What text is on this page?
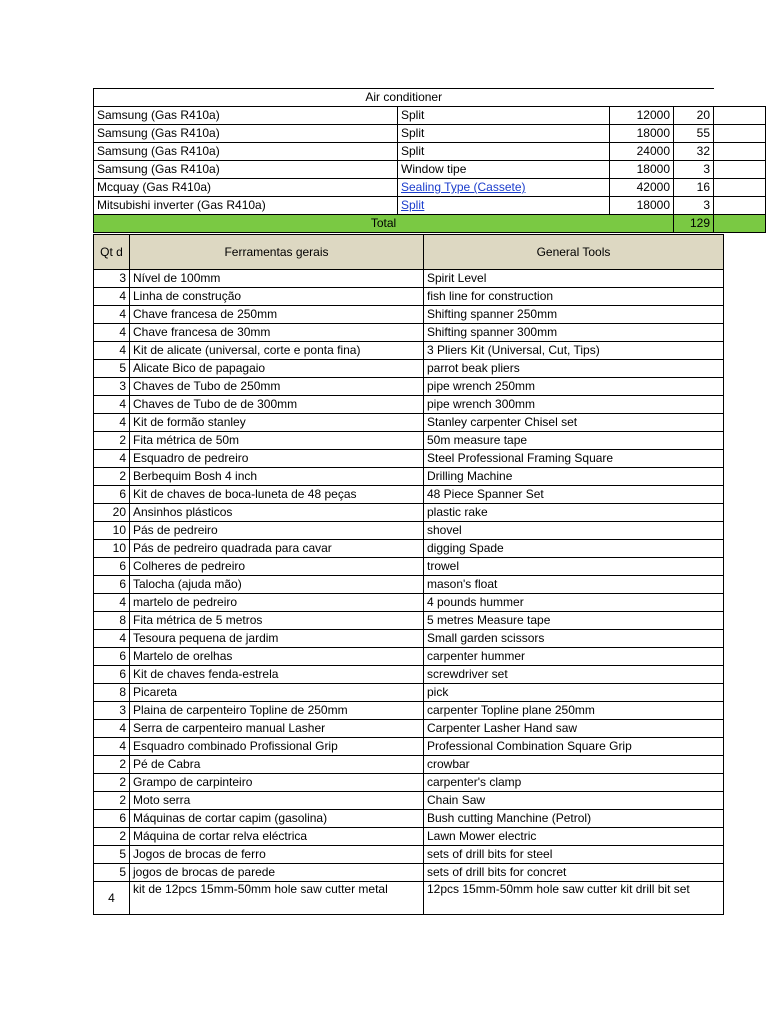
Air conditioner				
Samsung (Gas R410a)	Split	12000	20	
Samsung (Gas R410a)	Split	18000	55	
Samsung (Gas R410a)	Split	24000	32	
Samsung (Gas R410a)	Window tipe	18000	3	
Mcquay (Gas R410a)	Sealing Type (Cassete)	42000	16	
Mitsubishi inverter (Gas R410a)	Split	18000	3	
Total			129	
Qt d	Ferramentas gerais	General Tools
3	Nível de 100mm	Spirit Level
4	Linha de construção	fish line for construction
4	Chave francesa de 250mm	Shifting spanner 250mm
4	Chave francesa de 30mm	Shifting spanner 300mm
4	Kit de alicate (universal, corte e ponta fina)	3 Pliers Kit (Universal, Cut, Tips)
5	Alicate Bico de papagaio	parrot beak pliers
3	Chaves de Tubo de 250mm	pipe wrench 250mm
4	Chaves de Tubo de de 300mm	pipe wrench 300mm
4	Kit de formão stanley	Stanley carpenter Chisel set
2	Fita métrica de 50m	50m measure tape
4	Esquadro de pedreiro	Steel Professional Framing Square
2	Berbequim Bosh 4 inch	Drilling Machine
6	Kit de chaves de boca-luneta de 48 peças	48 Piece Spanner Set
20	Ansinhos plásticos	plastic rake
10	Pás de pedreiro	shovel
10	Pás de pedreiro quadrada para cavar	digging Spade
6	Colheres de pedreiro	trowel
6	Talocha (ajuda mão)	mason's float
4	martelo de pedreiro	4 pounds hummer
8	Fita métrica de 5 metros	5 metres Measure tape
4	Tesoura pequena de jardim	Small garden scissors
6	Martelo de orelhas	carpenter hummer
6	Kit de chaves fenda-estrela	screwdriver set
8	Picareta	pick
3	Plaina de carpenteiro Topline de 250mm	carpenter Topline plane 250mm
4	Serra de carpenteiro manual Lasher	Carpenter Lasher Hand saw
4	Esquadro combinado Profissional Grip	Professional Combination Square Grip
2	Pé de Cabra	crowbar
2	Grampo de carpinteiro	carpenter's clamp
2	Moto serra	Chain Saw
6	Máquinas de cortar capim (gasolina)	Bush cutting Manchine (Petrol)
2	Máquina de cortar relva eléctrica	Lawn Mower electric
5	Jogos de brocas de ferro	sets of drill bits for steel
5	jogos de brocas de parede	sets of drill bits for concret
4	kit de 12pcs 15mm-50mm hole saw cutter metal	12pcs 15mm-50mm hole saw cutter kit drill bit set
